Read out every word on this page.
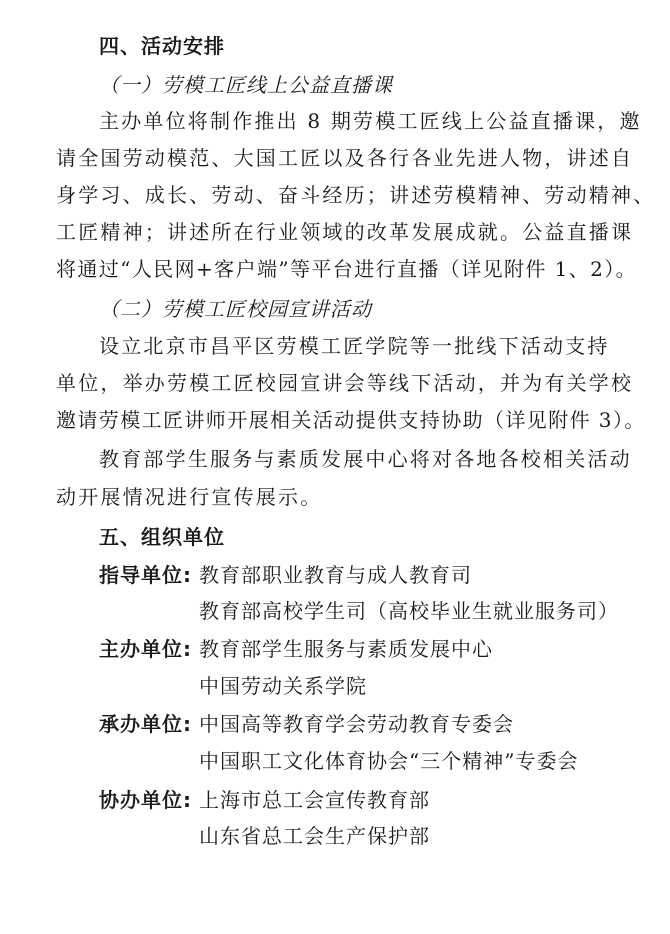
四、活动安排
（一）劳模工匠线上公益直播课
主办单位将制作推出 8 期劳模工匠线上公益直播课，邀
请全国劳动模范、大国工匠以及各行各业先进人物，讲述自
身学习、成长、劳动、奋斗经历；讲述劳模精神、劳动精神、
工匠精神；讲述所在行业领域的改革发展成就。公益直播课
将通过“人民网+客户端”等平台进行直播（详见附件 1、2）。
（二）劳模工匠校园宣讲活动
设立北京市昌平区劳模工匠学院等一批线下活动支持
单位，举办劳模工匠校园宣讲会等线下活动，并为有关学校
邀请劳模工匠讲师开展相关活动提供支持协助（详见附件 3）。
教育部学生服务与素质发展中心将对各地各校相关活动
动开展情况进行宣传展示。
五、组织单位
指导单位: 教育部职业教育与成人教育司
教育部高校学生司（高校毕业生就业服务司）
主办单位: 教育部学生服务与素质发展中心
中国劳动关系学院
承办单位: 中国高等教育学会劳动教育专委会
中国职工文化体育协会“三个精神”专委会
协办单位: 上海市总工会宣传教育部
山东省总工会生产保护部
